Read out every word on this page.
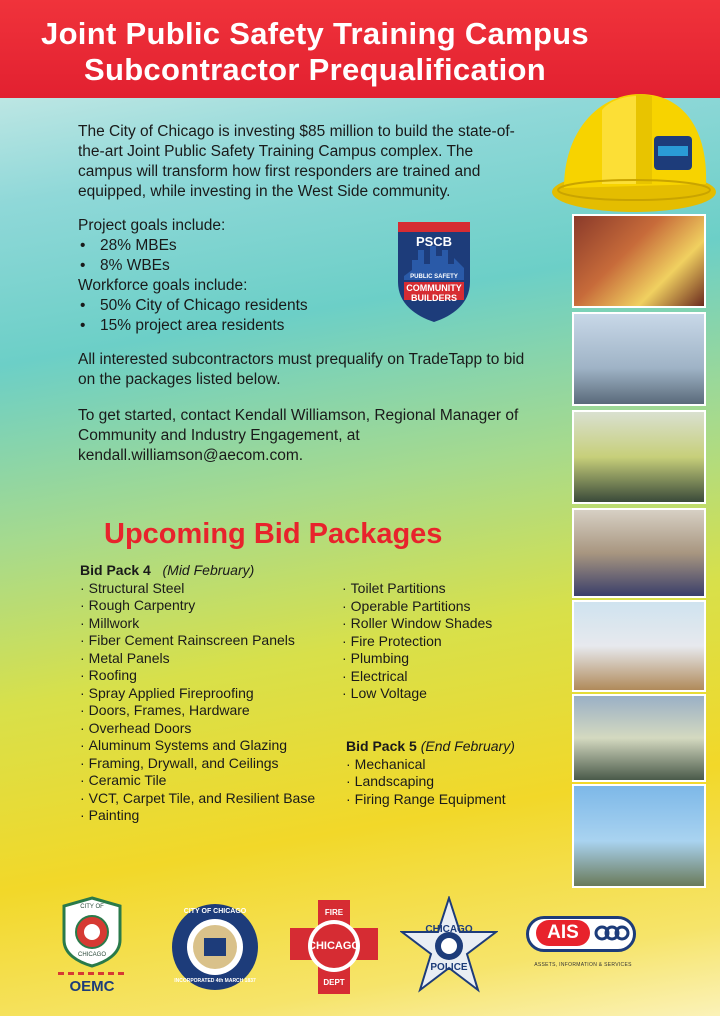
Joint Public Safety Training Campus
Subcontractor Prequalification
The City of Chicago is investing $85 million to build the state-of-the-art Joint Public Safety Training Campus complex. The campus will transform how first responders are trained and equipped, while investing in the West Side community.
Project goals include:
• 28% MBEs
• 8% WBEs
Workforce goals include:
• 50% City of Chicago residents
• 15% project area residents
PSCB
PUBLIC SAFETY
COMMUNITY
BUILDERS
All interested subcontractors must prequalify on TradeTapp to bid on the packages listed below.
To get started, contact Kendall Williamson, Regional Manager of Community and Industry Engagement, at kendall.williamson@aecom.com.
Upcoming Bid Packages
Bid Pack 4 (Mid February)
· Structural Steel
· Rough Carpentry
· Millwork
· Fiber Cement Rainscreen Panels
· Metal Panels
· Roofing
· Spray Applied Fireproofing
· Doors, Frames, Hardware
· Overhead Doors
· Aluminum Systems and Glazing
· Framing, Drywall, and Ceilings
· Ceramic Tile
· VCT, Carpet Tile, and Resilient Base
· Painting
· Toilet Partitions
· Operable Partitions
· Roller Window Shades
· Fire Protection
· Plumbing
· Electrical
· Low Voltage
Bid Pack 5 (End February)
· Mechanical
· Landscaping
· Firing Range Equipment
CITY OF
CHICAGO
OEMC
CITY OF CHICAGO
INCORPORATED 4th MARCH 1837
FIRE
CHICAGO
DEPT
CHICAGO
POLICE
AIS
ASSETS, INFORMATION & SERVICES
